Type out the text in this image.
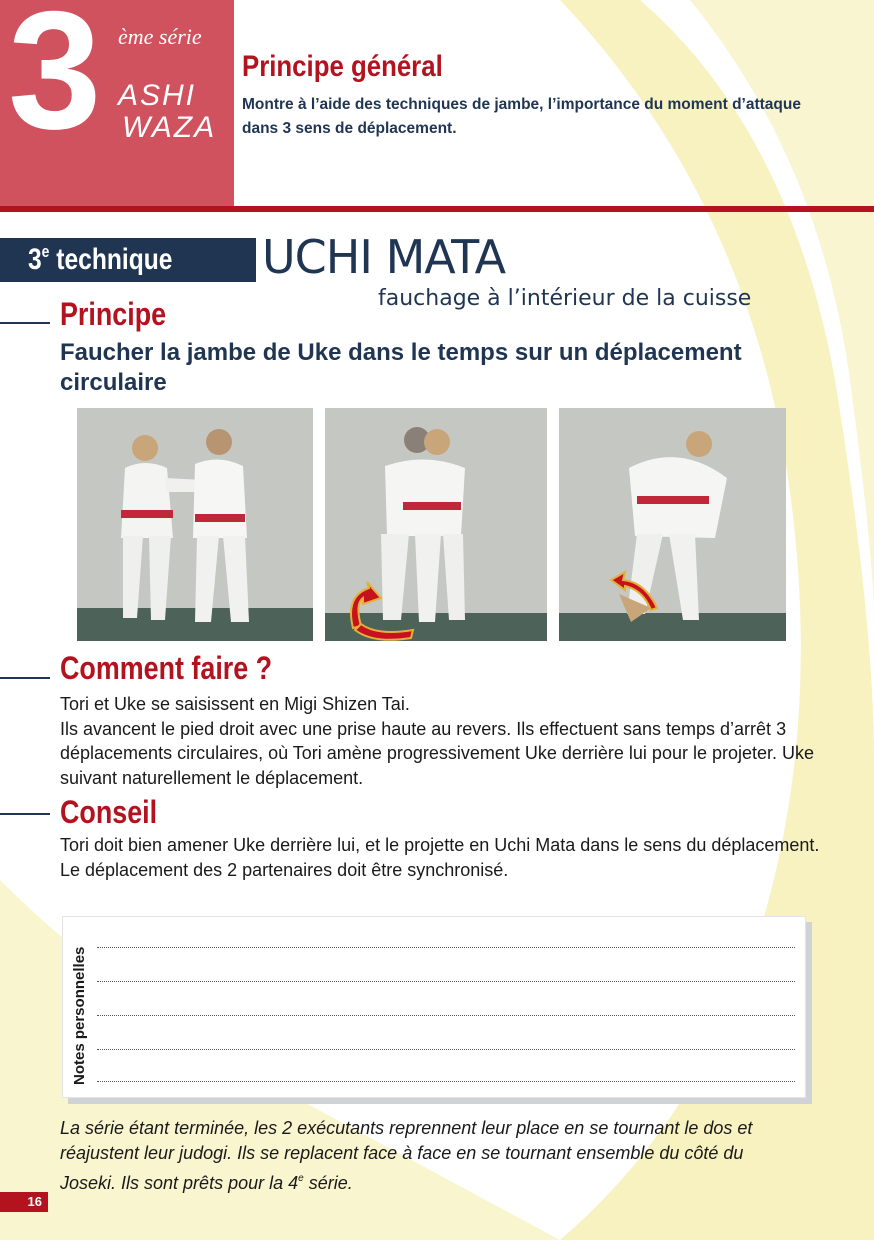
3 ème série
ASHI
WAZA
Principe général
Montre à l’aide des techniques de jambe, l’importance du moment d’attaque dans 3 sens de déplacement.
3e technique UCHI MATA
fauchage à l’intérieur de la cuisse
Principe
Faucher la jambe de Uke dans le temps sur un déplacement circulaire
Comment faire ?

Tori et Uke se saisissent en Migi Shizen Tai.

Ils avancent le pied droit avec une prise haute au revers. Ils effectuent sans temps d’arrêt 3 déplacements circulaires, où Tori amène progressivement Uke derrière lui pour le projeter. Uke suivant naturellement le déplacement.

Conseil

Tori doit bien amener Uke derrière lui, et le projette en Uchi Mata dans le sens du déplacement.

Le déplacement des 2 partenaires doit être synchronisé.

Notes personnelles
La série étant terminée, les 2 exécutants reprennent leur place en se tournant le dos et réajustent leur judogi. Ils se replacent face à face en se tournant ensemble du côté du Joseki. Ils sont prêts pour la 4e série.
16
